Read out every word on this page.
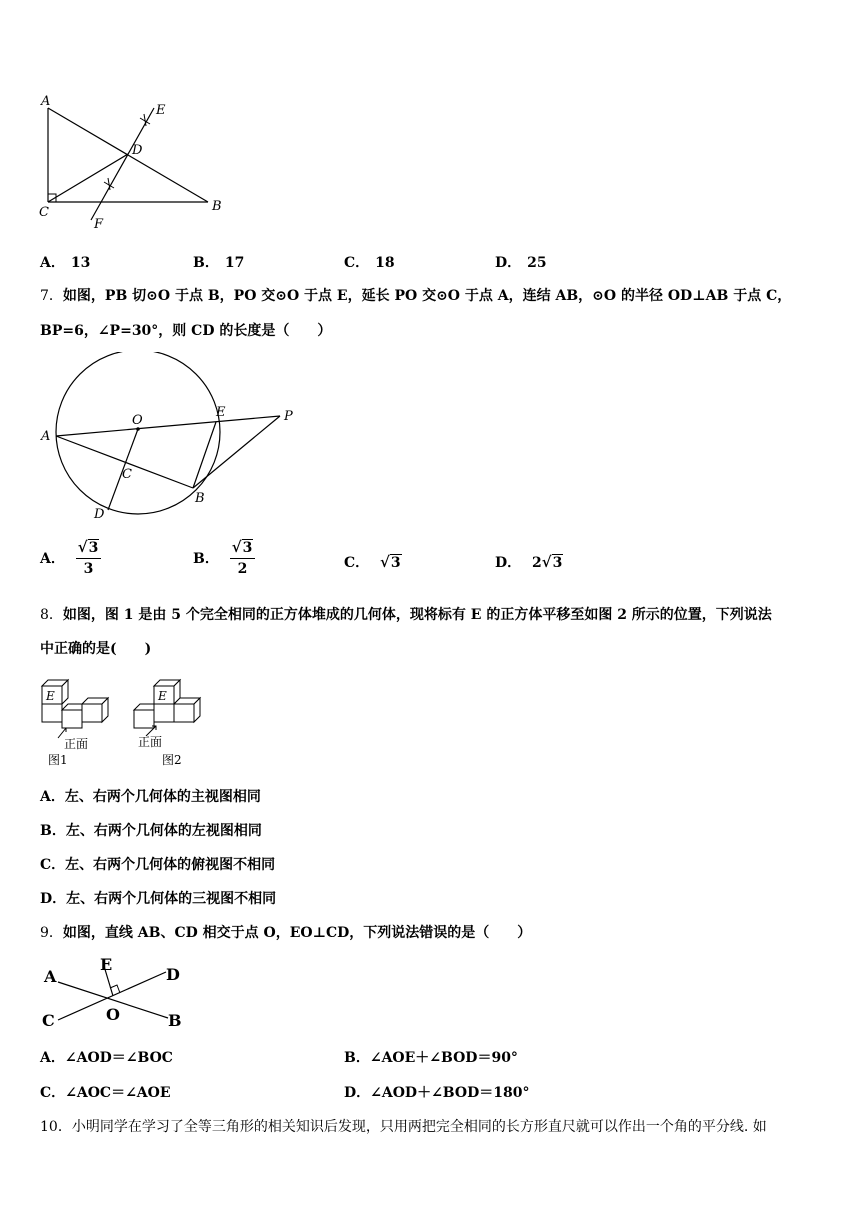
A
E
D
C
F
B
A． 13	B． 17	C． 18	D． 25
7．如图，PB 切⊙O 于点 B，PO 交⊙O 于点 E，延长 PO 交⊙O 于点 A，连结 AB，⊙O 的半径 OD⊥AB 于点 C，
BP=6，∠P=30°，则 CD 的长度是（　　）
A
O
E	P
C
B
D
A． $\frac{√3}{3}$	B． $\frac{√3}{2}$	C． √3	D． 2√3
8．如图，图 1 是由 5 个完全相同的正方体堆成的几何体，现将标有 E 的正方体平移至如图 2 所示的位置，下列说法
中正确的是(　　)
E
正面
图1
E
正面
图2
A．左、右两个几何体的主视图相同
B．左、右两个几何体的左视图相同
C．左、右两个几何体的俯视图不相同
D．左、右两个几何体的三视图不相同
9．如图，直线 AB、CD 相交于点 O，EO⊥CD，下列说法错误的是（　　）
A
E
D
C	O	B
A．∠AOD＝∠BOC	B．∠AOE＋∠BOD＝90°
C．∠AOC＝∠AOE	D．∠AOD＋∠BOD＝180°
10．小明同学在学习了全等三角形的相关知识后发现，只用两把完全相同的长方形直尺就可以作出一个角的平分线. 如
